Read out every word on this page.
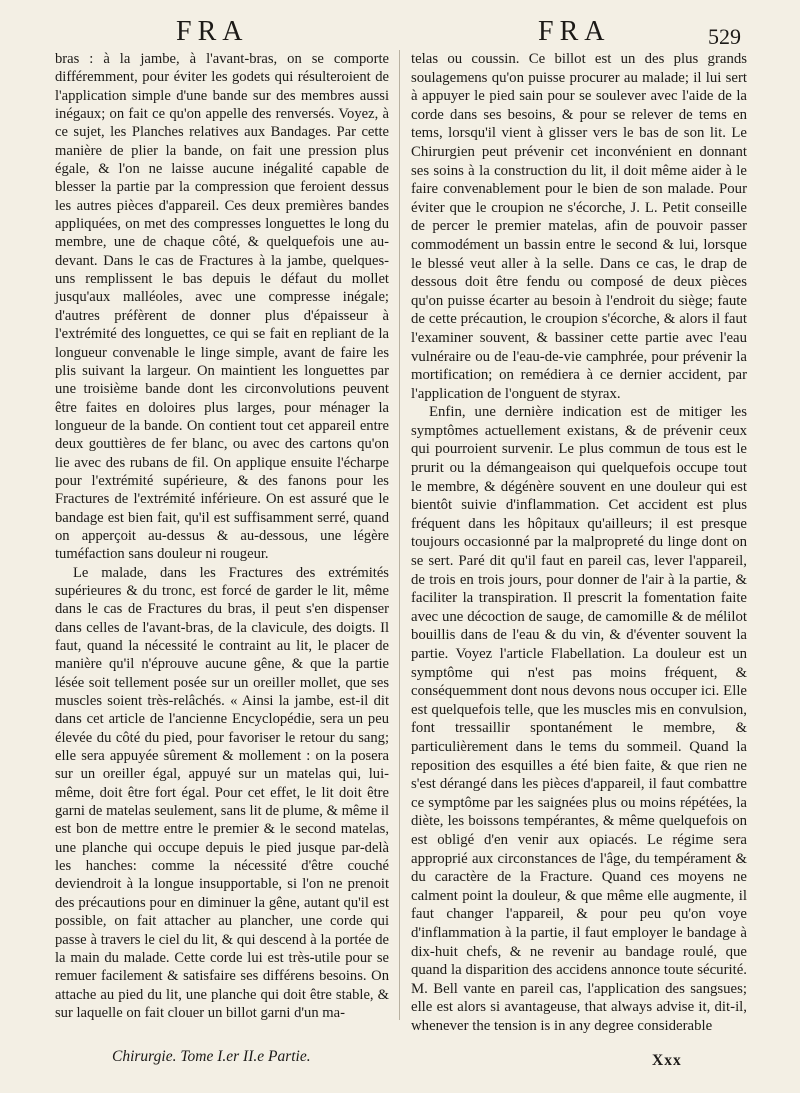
FRA	FRA	529

bras : à la jambe, à l'avant-bras, on se comporte différemment, pour éviter les godets qui résulteroient de l'application simple d'une bande sur des membres aussi inégaux; on fait ce qu'on appelle des renversés. Voyez, à ce sujet, les Planches relatives aux Bandages. Par cette manière de plier la bande, on fait une pression plus égale, & l'on ne laisse aucune inégalité capable de blesser la partie par la compression que feroient dessus les autres pièces d'appareil. Ces deux premières bandes appliquées, on met des compresses longuettes le long du membre, une de chaque côté, & quelquefois une au-devant. Dans le cas de Fractures à la jambe, quelques-uns remplissent le bas depuis le défaut du mollet jusqu'aux malléoles, avec une compresse inégale; d'autres préfèrent de donner plus d'épaisseur à l'extrémité des longuettes, ce qui se fait en repliant de la longueur convenable le linge simple, avant de faire les plis suivant la largeur. On maintient les longuettes par une troisième bande dont les circonvolutions peuvent être faites en doloires plus larges, pour ménager la longueur de la bande. On contient tout cet appareil entre deux gouttières de fer blanc, ou avec des cartons qu'on lie avec des rubans de fil. On applique ensuite l'écharpe pour l'extrémité supérieure, & des fanons pour les Fractures de l'extrémité inférieure. On est assuré que le bandage est bien fait, qu'il est suffisamment serré, quand on apperçoit au-dessus & au-dessous, une légère tuméfaction sans douleur ni rougeur.

Le malade, dans les Fractures des extrémités supérieures & du tronc, est forcé de garder le lit, même dans le cas de Fractures du bras, il peut s'en dispenser dans celles de l'avant-bras, de la clavicule, des doigts. Il faut, quand la nécessité le contraint au lit, le placer de manière qu'il n'éprouve aucune gêne, & que la partie lésée soit tellement posée sur un oreiller mollet, que ses muscles soient très-relâchés. « Ainsi la jambe, est-il dit dans cet article de l'ancienne Encyclopédie, sera un peu élevée du côté du pied, pour favoriser le retour du sang; elle sera appuyée sûrement & mollement : on la posera sur un oreiller égal, appuyé sur un matelas qui, lui-même, doit être fort égal. Pour cet effet, le lit doit être garni de matelas seulement, sans lit de plume, & même il est bon de mettre entre le premier & le second matelas, une planche qui occupe depuis le pied jusque par-delà les hanches: comme la nécessité d'être couché deviendroit à la longue insupportable, si l'on ne prenoit des précautions pour en diminuer la gêne, autant qu'il est possible, on fait attacher au plancher, une corde qui passe à travers le ciel du lit, & qui descend à la portée de la main du malade. Cette corde lui est très-utile pour se remuer facilement & satisfaire ses différens besoins. On attache au pied du lit, une planche qui doit être stable, & sur laquelle on fait clouer un billot garni d'un ma-

telas ou coussin. Ce billot est un des plus grands soulagemens qu'on puisse procurer au malade; il lui sert à appuyer le pied sain pour se soulever avec l'aide de la corde dans ses besoins, & pour se relever de tems en tems, lorsqu'il vient à glisser vers le bas de son lit. Le Chirurgien peut prévenir cet inconvénient en donnant ses soins à la construction du lit, il doit même aider à le faire convenablement pour le bien de son malade. Pour éviter que le croupion ne s'écorche, J. L. Petit conseille de percer le premier matelas, afin de pouvoir passer commodément un bassin entre le second & lui, lorsque le blessé veut aller à la selle. Dans ce cas, le drap de dessous doit être fendu ou composé de deux pièces qu'on puisse écarter au besoin à l'endroit du siège; faute de cette précaution, le croupion s'écorche, & alors il faut l'examiner souvent, & bassiner cette partie avec l'eau vulnéraire ou de l'eau-de-vie camphrée, pour prévenir la mortification; on remédiera à ce dernier accident, par l'application de l'onguent de styrax.

Enfin, une dernière indication est de mitiger les symptômes actuellement existans, & de prévenir ceux qui pourroient survenir. Le plus commun de tous est le prurit ou la démangeaison qui quelquefois occupe tout le membre, & dégénère souvent en une douleur qui est bientôt suivie d'inflammation. Cet accident est plus fréquent dans les hôpitaux qu'ailleurs; il est presque toujours occasionné par la malpropreté du linge dont on se sert. Paré dit qu'il faut en pareil cas, lever l'appareil, de trois en trois jours, pour donner de l'air à la partie, & faciliter la transpiration. Il prescrit la fomentation faite avec une décoction de sauge, de camomille & de mélilot bouillis dans de l'eau & du vin, & d'éventer souvent la partie. Voyez l'article Flabellation. La douleur est un symptôme qui n'est pas moins fréquent, & conséquemment dont nous devons nous occuper ici. Elle est quelquefois telle, que les muscles mis en convulsion, font tressaillir spontanément le membre, & particulièrement dans le tems du sommeil. Quand la reposition des esquilles a été bien faite, & que rien ne s'est dérangé dans les pièces d'appareil, il faut combattre ce symptôme par les saignées plus ou moins répétées, la diète, les boissons tempérantes, & même quelquefois on est obligé d'en venir aux opiacés. Le régime sera approprié aux circonstances de l'âge, du tempérament & du caractère de la Fracture. Quand ces moyens ne calment point la douleur, & que même elle augmente, il faut changer l'appareil, & pour peu qu'on voye d'inflammation à la partie, il faut employer le bandage à dix-huit chefs, & ne revenir au bandage roulé, que quand la disparition des accidens annonce toute sécurité. M. Bell vante en pareil cas, l'application des sangsues; elle est alors si avantageuse, that always advise it, dit-il, whenever the tension is in any degree considerable

Chirurgie. Tome I.er II.e Partie.	Xxx
